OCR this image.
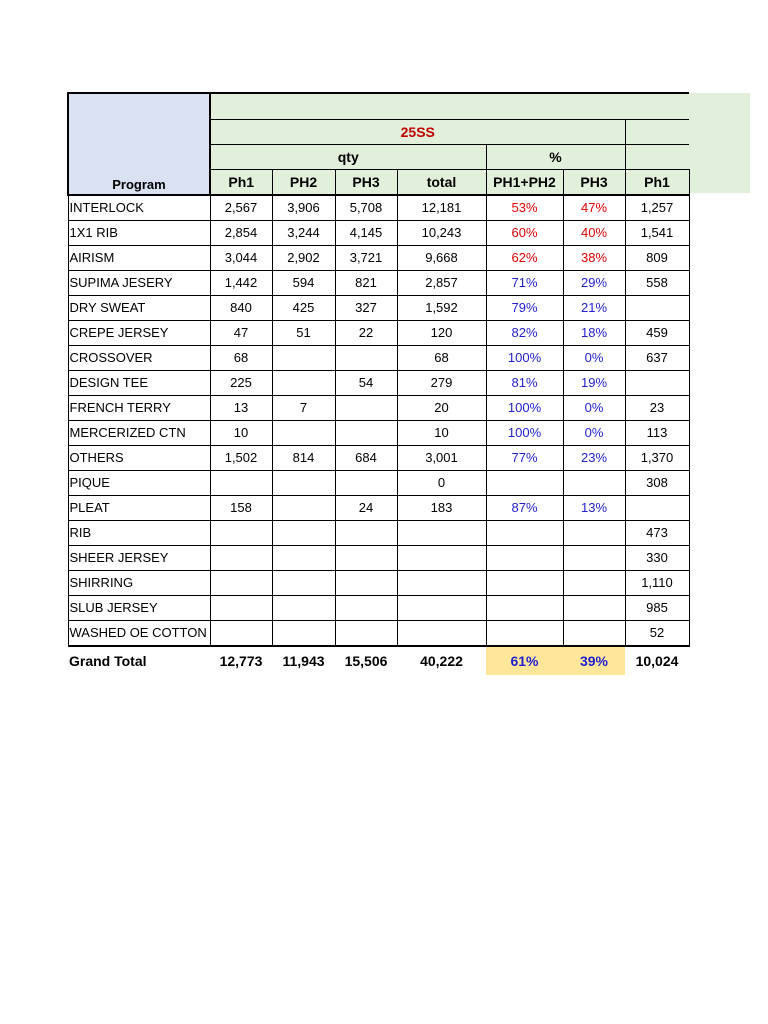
Program							
	25SS						
	qty				%		
	Ph1	PH2	PH3	total	PH1+PH2	PH3	Ph1
INTERLOCK	2,567	3,906	5,708	12,181	53%	47%	1,257
1X1 RIB	2,854	3,244	4,145	10,243	60%	40%	1,541
AIRISM	3,044	2,902	3,721	9,668	62%	38%	809
SUPIMA JESERY	1,442	594	821	2,857	71%	29%	558
DRY SWEAT	840	425	327	1,592	79%	21%	
CREPE JERSEY	47	51	22	120	82%	18%	459
CROSSOVER	68			68	100%	0%	637
DESIGN TEE	225		54	279	81%	19%	
FRENCH TERRY	13	7		20	100%	0%	23
MERCERIZED CTN	10			10	100%	0%	113
OTHERS	1,502	814	684	3,001	77%	23%	1,370
PIQUE				0			308
PLEAT	158		24	183	87%	13%	
RIB							473
SHEER JERSEY							330
SHIRRING							1,110
SLUB JERSEY							985
WASHED OE COTTON							52
Grand Total	12,773	11,943	15,506	40,222	61%	39%	10,024
